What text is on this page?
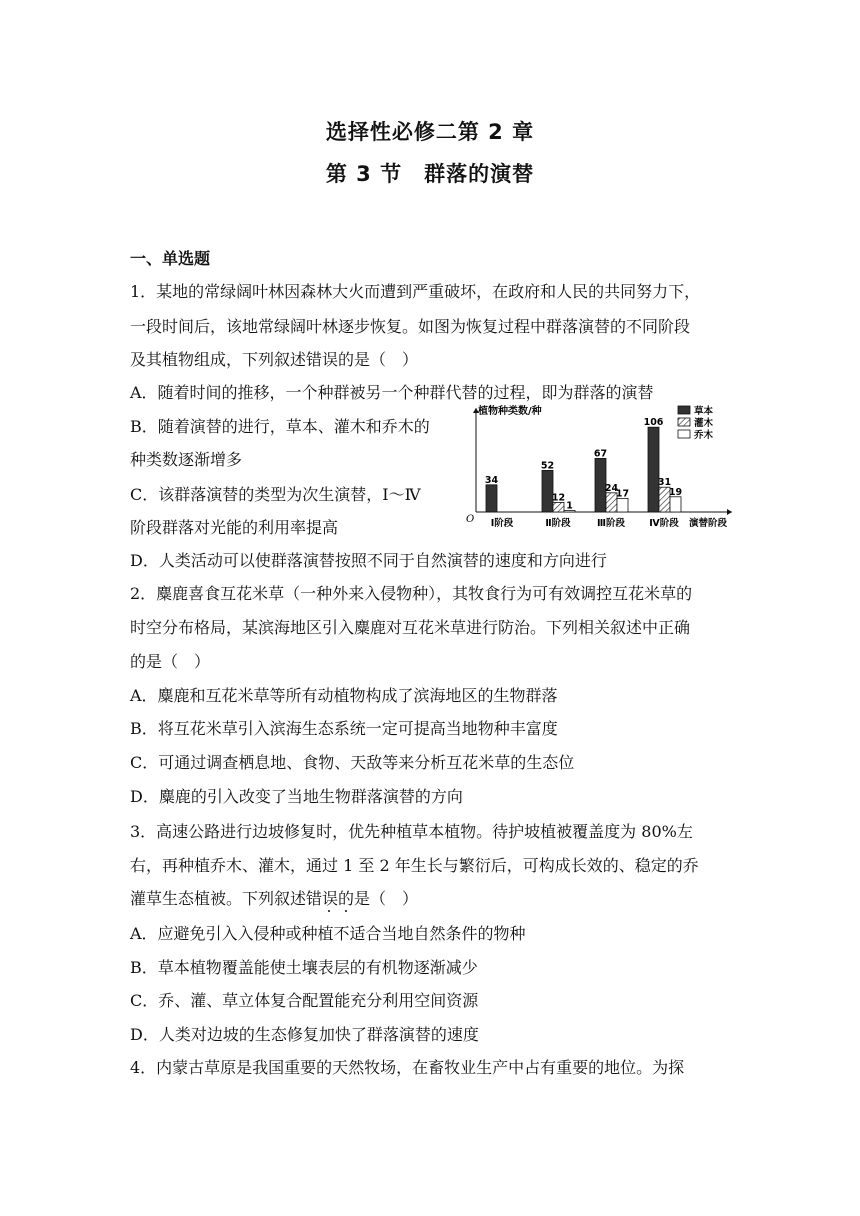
选择性必修二第 2 章
第 3 节　群落的演替
一、单选题
1．某地的常绿阔叶林因森林大火而遭到严重破坏，在政府和人民的共同努力下，
一段时间后，该地常绿阔叶林逐步恢复。如图为恢复过程中群落演替的不同阶段
及其植物组成，下列叙述错误的是（　）
A．随着时间的推移，一个种群被另一个种群代替的过程，即为群落的演替
B．随着演替的进行，草本、灌木和乔木的
种类数逐渐增多
C．该群落演替的类型为次生演替，Ⅰ～Ⅳ
阶段群落对光能的利用率提高
D．人类活动可以使群落演替按照不同于自然演替的速度和方向进行
2．麋鹿喜食互花米草（一种外来入侵物种），其牧食行为可有效调控互花米草的
时空分布格局，某滨海地区引入麋鹿对互花米草进行防治。下列相关叙述中正确
的是（　）
A．麋鹿和互花米草等所有动植物构成了滨海地区的生物群落
B．将互花米草引入滨海生态系统一定可提高当地物种丰富度
C．可通过调查栖息地、食物、天敌等来分析互花米草的生态位
D．麋鹿的引入改变了当地生物群落演替的方向
3．高速公路进行边坡修复时，优先种植草本植物。待护坡植被覆盖度为 80%左
右，再种植乔木、灌木，通过 1 至 2 年生长与繁衍后，可构成长效的、稳定的乔
灌草生态植被。下列叙述错误的是（　）
A．应避免引入入侵种或种植不适合当地自然条件的物种
B．草本植物覆盖能使土壤表层的有机物逐渐减少
C．乔、灌、草立体复合配置能充分利用空间资源
D．人类对边坡的生态修复加快了群落演替的速度
4．内蒙古草原是我国重要的天然牧场，在畜牧业生产中占有重要的地位。为探
植物种类数/种
O	演替阶段
34
Ⅰ阶段
52
12
1
Ⅱ阶段
67
24
17
Ⅲ阶段
106
31
19
Ⅳ阶段
草本
灌木
乔木
